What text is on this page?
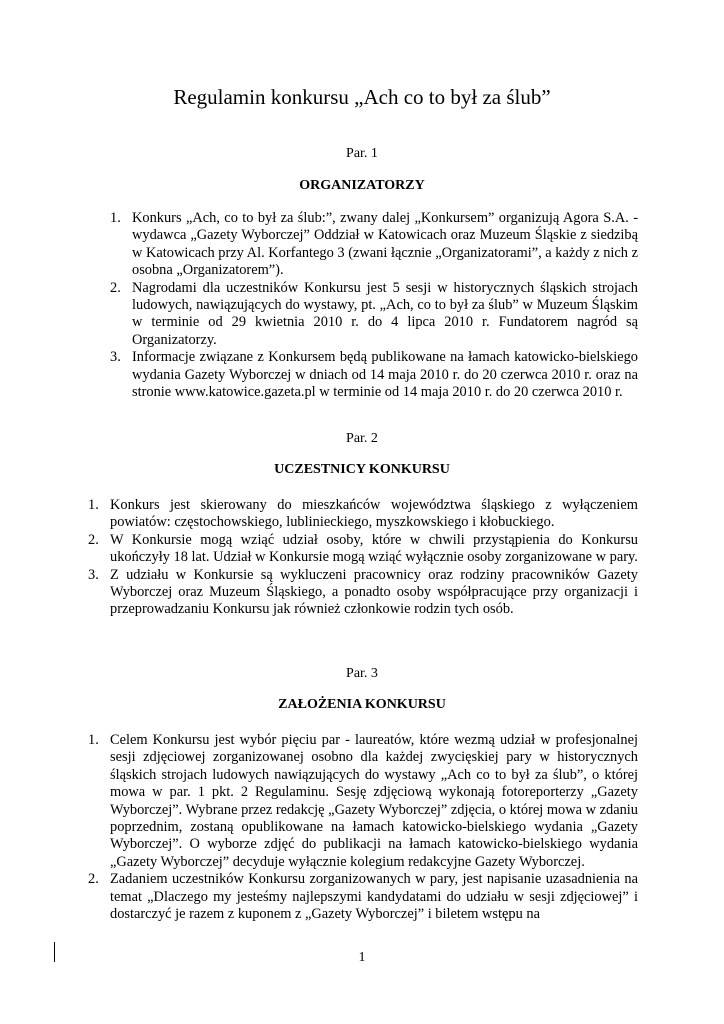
Regulamin konkursu „Ach co to był za ślub”

Par. 1

ORGANIZATORZY

1. Konkurs „Ach, co to był za ślub:”, zwany dalej „Konkursem” organizują Agora S.A. - wydawca „Gazety Wyborczej” Oddział w Katowicach oraz Muzeum Śląskie z siedzibą w Katowicach przy Al. Korfantego 3 (zwani łącznie „Organizatorami”, a każdy z nich z osobna „Organizatorem”).
2. Nagrodami dla uczestników Konkursu jest 5 sesji w historycznych śląskich strojach ludowych, nawiązujących do wystawy, pt. „Ach, co to był za ślub” w Muzeum Śląskim w terminie od 29 kwietnia 2010 r. do 4 lipca 2010 r. Fundatorem nagród są Organizatorzy.
3. Informacje związane z Konkursem będą publikowane na łamach katowicko-bielskiego wydania Gazety Wyborczej w dniach od 14 maja 2010 r. do 20 czerwca 2010 r. oraz na stronie www.katowice.gazeta.pl w terminie od 14 maja 2010 r. do 20 czerwca 2010 r.

Par. 2

UCZESTNICY KONKURSU

1. Konkurs jest skierowany do mieszkańców województwa śląskiego z wyłączeniem powiatów: częstochowskiego, lublinieckiego, myszkowskiego i kłobuckiego.
2. W Konkursie mogą wziąć udział osoby, które w chwili przystąpienia do Konkursu ukończyły 18 lat. Udział w Konkursie mogą wziąć wyłącznie osoby zorganizowane w pary.
3. Z udziału w Konkursie są wykluczeni pracownicy oraz rodziny pracowników Gazety Wyborczej oraz Muzeum Śląskiego, a ponadto osoby współpracujące przy organizacji i przeprowadzaniu Konkursu jak również członkowie rodzin tych osób.

Par. 3

ZAŁOŻENIA KONKURSU

1. Celem Konkursu jest wybór pięciu par - laureatów, które wezmą udział w profesjonalnej sesji zdjęciowej zorganizowanej osobno dla każdej zwycięskiej pary w historycznych śląskich strojach ludowych nawiązujących do wystawy „Ach co to był za ślub”, o której mowa w par. 1 pkt. 2 Regulaminu. Sesję zdjęciową wykonają fotoreporterzy „Gazety Wyborczej”. Wybrane przez redakcję „Gazety Wyborczej” zdjęcia, o której mowa w zdaniu poprzednim, zostaną opublikowane na łamach katowicko-bielskiego wydania „Gazety Wyborczej”. O wyborze zdjęć do publikacji na łamach katowicko-bielskiego wydania „Gazety Wyborczej” decyduje wyłącznie kolegium redakcyjne Gazety Wyborczej.
2. Zadaniem uczestników Konkursu zorganizowanych w pary, jest napisanie uzasadnienia na temat „Dlaczego my jesteśmy najlepszymi kandydatami do udziału w sesji zdjęciowej” i dostarczyć je razem z kuponem z „Gazety Wyborczej” i biletem wstępu na
1
